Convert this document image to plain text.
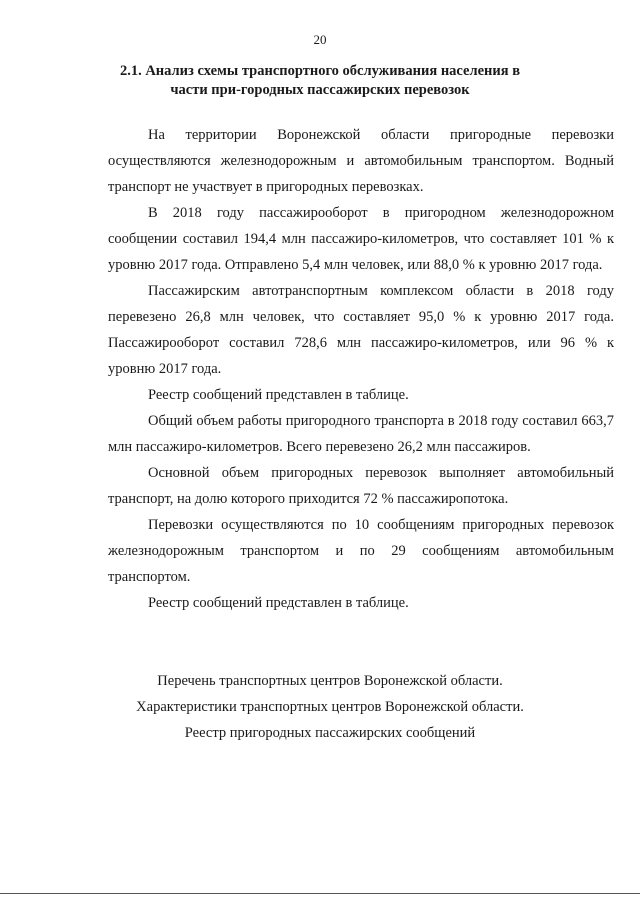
20
2.1. Анализ схемы транспортного обслуживания населения в части при-городных пассажирских перевозок

На территории Воронежской области пригородные перевозки осуществляются железнодорожным и автомобильным транспортом. Водный транспорт не участвует в пригородных перевозках.

В 2018 году пассажирооборот в пригородном железнодорожном сообщении составил 194,4 млн пассажиро-километров, что составляет 101 % к уровню 2017 года. Отправлено 5,4 млн человек, или 88,0 % к уровню 2017 года.

Пассажирским автотранспортным комплексом области в 2018 году перевезено 26,8 млн человек, что составляет 95,0 % к уровню 2017 года. Пассажирооборот составил 728,6 млн пассажиро-километров, или 96 % к уровню 2017 года.

Реестр сообщений представлен в таблице.

Общий объем работы пригородного транспорта в 2018 году составил 663,7 млн пассажиро-километров. Всего перевезено 26,2 млн пассажиров.

Основной объем пригородных перевозок выполняет автомобильный транспорт, на долю которого приходится 72 % пассажиропотока.

Перевозки осуществляются по 10 сообщениям пригородных перевозок железнодорожным транспортом и по 29 сообщениям автомобильным транспортом.

Реестр сообщений представлен в таблице.

Перечень транспортных центров Воронежской области.
Характеристики транспортных центров Воронежской области.
Реестр пригородных пассажирских сообщений
